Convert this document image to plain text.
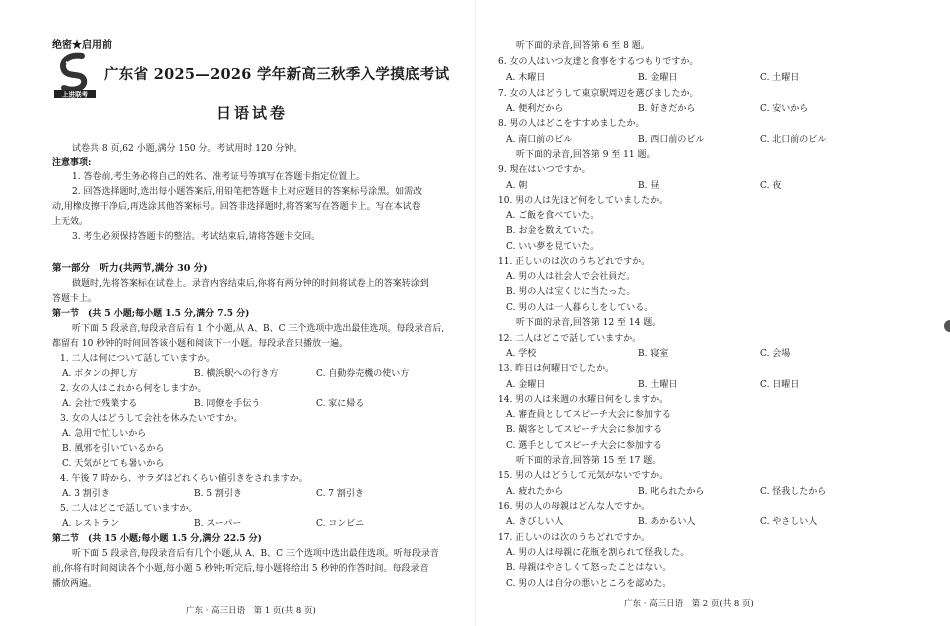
绝密★启用前
上进联考
广东省 2025—2026 学年新高三秋季入学摸底考试
日语试卷
试卷共 8 页,62 小题,满分 150 分。考试用时 120 分钟。
注意事项:
1. 答卷前,考生务必将自己的姓名、准考证号等填写在答题卡指定位置上。
2. 回答选择题时,选出每小题答案后,用铅笔把答题卡上对应题目的答案标号涂黑。如需改
动,用橡皮擦干净后,再选涂其他答案标号。回答非选择题时,将答案写在答题卡上。写在本试卷
上无效。
3. 考生必须保持答题卡的整洁。考试结束后,请将答题卡交回。
第一部分　听力(共两节,满分 30 分)
做题时,先将答案标在试卷上。录音内容结束后,你将有两分钟的时间将试卷上的答案转涂到
答题卡上。
第一节　(共 5 小题;每小题 1.5 分,满分 7.5 分)
听下面 5 段录音,每段录音后有 1 个小题,从 A、B、C 三个选项中选出最佳选项。每段录音后,
都留有 10 秒钟的时间回答该小题和阅读下一小题。每段录音只播放一遍。
1. 二人は何について話していますか。
A. ボタンの押し方	B. 横浜駅への行き方	C. 自動券売機の使い方
2. 女の人はこれから何をしますか。
A. 会社で残業する	B. 同僚を手伝う	C. 家に帰る
3. 女の人はどうして会社を休みたいですか。
A. 急用で忙しいから
B. 風邪を引いているから
C. 天気がとても暑いから
4. 午後 7 時から、サラダはどれくらい値引きをされますか。
A. 3 割引き	B. 5 割引き	C. 7 割引き
5. 二人はどこで話していますか。
A. レストラン	B. スーパー	C. コンビニ
第二节　(共 15 小题;每小题 1.5 分,满分 22.5 分)
听下面 5 段录音,每段录音后有几个小题,从 A、B、C 三个选项中选出最佳选项。听每段录音
前,你将有时间阅读各个小题,每小题 5 秒钟;听完后,每小题将给出 5 秒钟的作答时间。每段录音
播放两遍。
广东 · 高三日语　第 1 页(共 8 页)
听下面的录音,回答第 6 至 8 题。
6. 女の人はいつ友達と食事をするつもりですか。
A. 木曜日	B. 金曜日	C. 土曜日
7. 女の人はどうして東京駅周辺を選びましたか。
A. 便利だから	B. 好きだから	C. 安いから
8. 男の人はどこをすすめましたか。
A. 南口前のビル	B. 西口前のビル	C. 北口前のビル
听下面的录音,回答第 9 至 11 题。
9. 現在はいつですか。
A. 朝	B. 昼	C. 夜
10. 男の人は先ほど何をしていましたか。
A. ご飯を食べていた。
B. お金を数えていた。
C. いい夢を見ていた。
11. 正しいのは次のうちどれですか。
A. 男の人は社会人で会社員だ。
B. 男の人は宝くじに当たった。
C. 男の人は一人暮らしをしている。
听下面的录音,回答第 12 至 14 题。
12. 二人はどこで話していますか。
A. 学校	B. 寝室	C. 会場
13. 昨日は何曜日でしたか。
A. 金曜日	B. 土曜日	C. 日曜日
14. 男の人は来週の水曜日何をしますか。
A. 審査員としてスピーチ大会に参加する
B. 観客としてスピーチ大会に参加する
C. 選手としてスピーチ大会に参加する
听下面的录音,回答第 15 至 17 题。
15. 男の人はどうして元気がないですか。
A. 疲れたから	B. 叱られたから	C. 怪我したから
16. 男の人の母親はどんな人ですか。
A. きびしい人	B. あかるい人	C. やさしい人
17. 正しいのは次のうちどれですか。
A. 男の人は母親に花瓶を割られて怪我した。
B. 母親はやさしくて怒ったことはない。
C. 男の人は自分の悪いところを認めた。
广东 · 高三日语　第 2 页(共 8 页)
